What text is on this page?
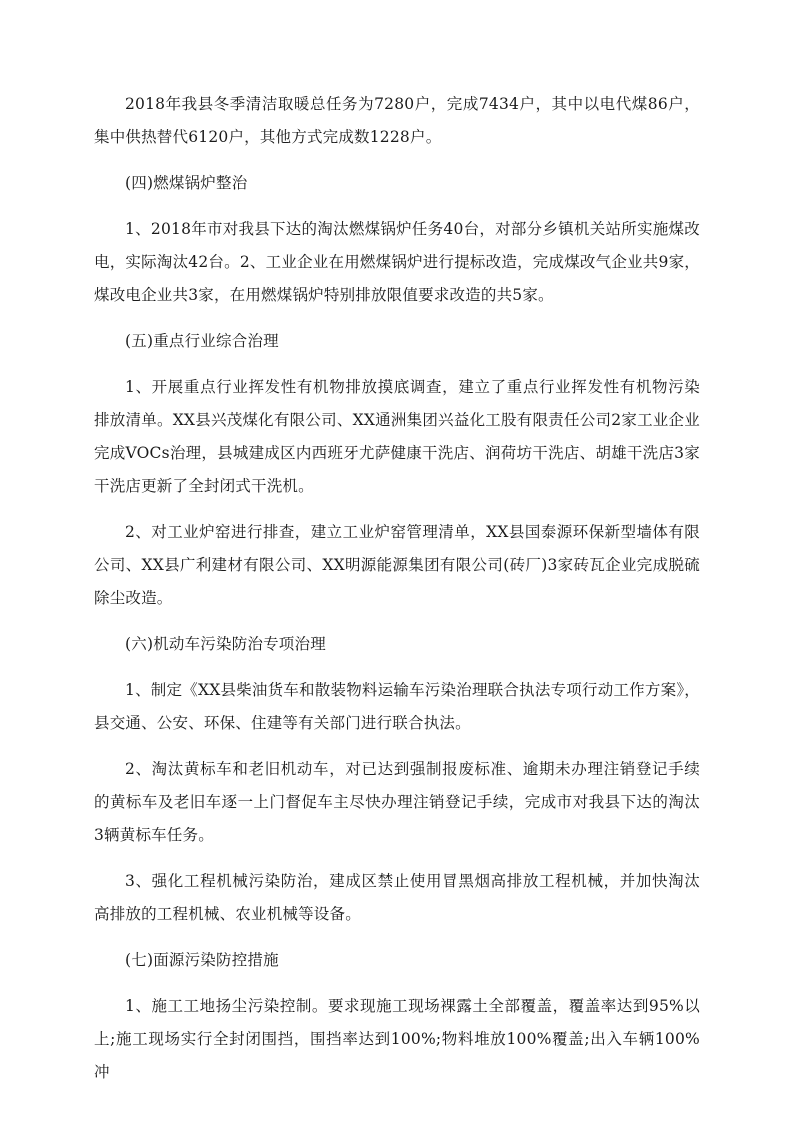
2018年我县冬季清洁取暖总任务为7280户，完成7434户，其中以电代煤86户，集中供热替代6120户，其他方式完成数1228户。

(四)燃煤锅炉整治

1、2018年市对我县下达的淘汰燃煤锅炉任务40台，对部分乡镇机关站所实施煤改电，实际淘汰42台。2、工业企业在用燃煤锅炉进行提标改造，完成煤改气企业共9家，煤改电企业共3家，在用燃煤锅炉特别排放限值要求改造的共5家。

(五)重点行业综合治理

1、开展重点行业挥发性有机物排放摸底调查，建立了重点行业挥发性有机物污染排放清单。XX县兴茂煤化有限公司、XX通洲集团兴益化工股有限责任公司2家工业企业完成VOCs治理，县城建成区内西班牙尤萨健康干洗店、润荷坊干洗店、胡雄干洗店3家干洗店更新了全封闭式干洗机。

2、对工业炉窑进行排查，建立工业炉窑管理清单，XX县国泰源环保新型墙体有限公司、XX县广利建材有限公司、XX明源能源集团有限公司(砖厂)3家砖瓦企业完成脱硫除尘改造。

(六)机动车污染防治专项治理

1、制定《XX县柴油货车和散装物料运输车污染治理联合执法专项行动工作方案》，县交通、公安、环保、住建等有关部门进行联合执法。

2、淘汰黄标车和老旧机动车，对已达到强制报废标准、逾期未办理注销登记手续的黄标车及老旧车逐一上门督促车主尽快办理注销登记手续，完成市对我县下达的淘汰3辆黄标车任务。

3、强化工程机械污染防治，建成区禁止使用冒黑烟高排放工程机械，并加快淘汰高排放的工程机械、农业机械等设备。

(七)面源污染防控措施

1、施工工地扬尘污染控制。要求现施工现场裸露土全部覆盖，覆盖率达到95%以上;施工现场实行全封闭围挡，围挡率达到100%;物料堆放100%覆盖;出入车辆100%冲
